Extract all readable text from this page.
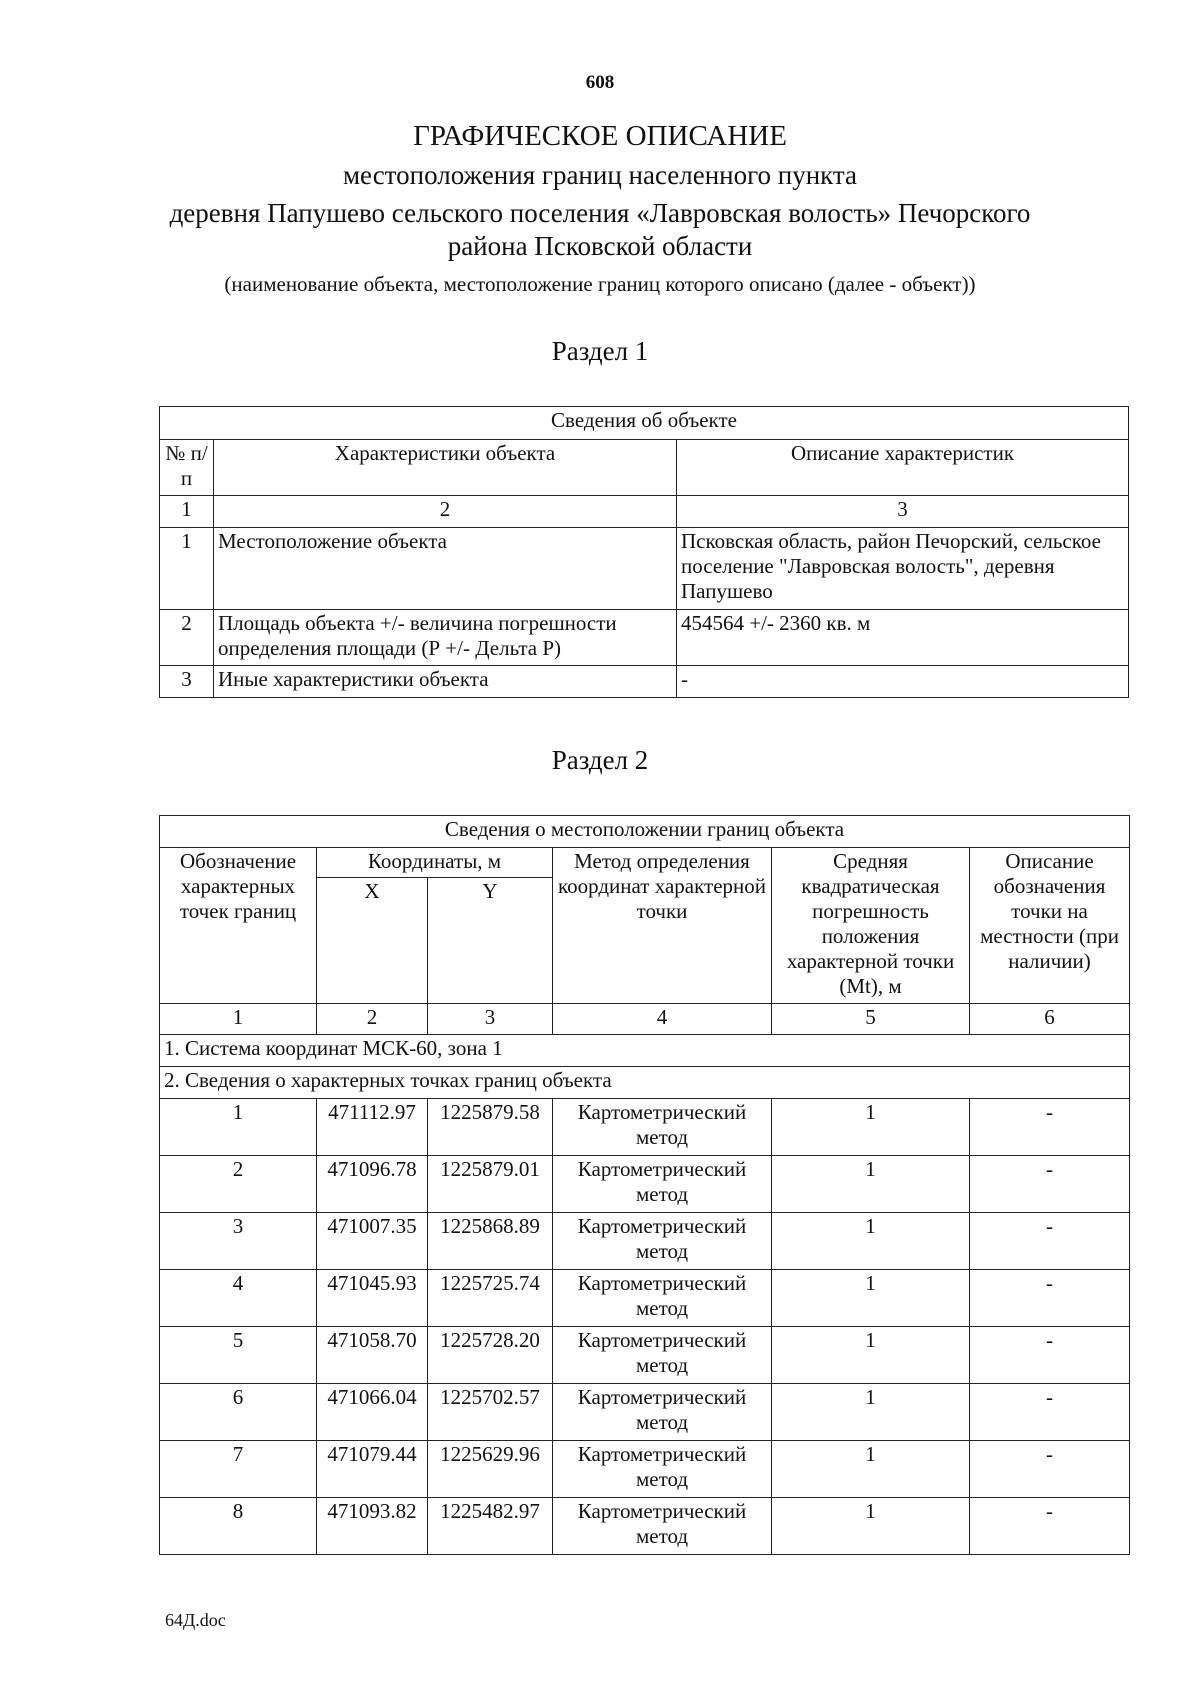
608
ГРАФИЧЕСКОЕ ОПИСАНИЕ
местоположения границ населенного пункта
деревня Папушево сельского поселения «Лавровская волость» Печорского
района Псковской области
(наименование объекта, местоположение границ которого описано (далее - объект))
Раздел 1
Сведения об объекте		
№ п/п	Характеристики объекта	Описание характеристик
1	2	3
1	Местоположение объекта	Псковская область, район Печорский, сельское поселение "Лавровская волость", деревня Папушево
2	Площадь объекта +/- величина погрешности определения площади (Р +/- Дельта Р)	454564 +/- 2360 кв. м
3	Иные характеристики объекта	-
Раздел 2
Сведения о местоположении границ объекта					
Обозначение характерных точек границ	Координаты, м		Метод определения координат характерной точки	Средняя квадратическая погрешность положения характерной точки (Mt), м	Описание обозначения точки на местности (при наличии)
	X	Y			
1	2	3	4	5	6
1. Система координат МСК-60, зона 1					
2. Сведения о характерных точках границ объекта					
1	471112.97	1225879.58	Картометрический метод	1	-
2	471096.78	1225879.01	Картометрический метод	1	-
3	471007.35	1225868.89	Картометрический метод	1	-
4	471045.93	1225725.74	Картометрический метод	1	-
5	471058.70	1225728.20	Картометрический метод	1	-
6	471066.04	1225702.57	Картометрический метод	1	-
7	471079.44	1225629.96	Картометрический метод	1	-
8	471093.82	1225482.97	Картометрический метод	1	-
64Д.doc
